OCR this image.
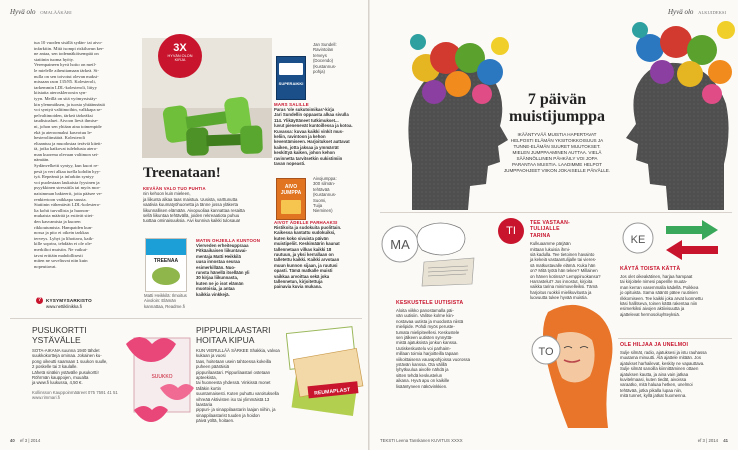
Hyvä olo OMALÄÄKÄRI
tua 10 vuoden sisällä sydän- tai aivo-
infarktiin. Mitä isompi riskiluvun ker-
ne antaa, sen todennäköisempää on
statiinin tuoma hyöty.
Verenpaineen hyvä hoito on meil-
le mielelle aiheuttamaan tärkeä. Si-
nulla on sen toivotut olevan maksi-
missaan raon 135/85. Kolesteroli,
tarkemmin LDL-kolesteroli, liityy
kiistatta ateroskleroosin syn-
tyyn. Meillä on sitä vyömyrsistäy-
kin ylemmäksen, ja tuosta yhtäännästä
voi syntyä valitimoihin, valkkapa se-
pelvaltimoiden, tärkeä tärkeäksi
taudistoaluet. Aivoon lievä ihmise-
ni, johon sen yhtäan aina toimenpide
ekä ja ateroomaksi kasvotuu le-
hesterolitmäärä. Kolesteroli
eltaantuu ja muodostaa teräviä kiteit-
tä, jotka katkovat tulehdusta atero-
man kuorena olevaan valtimon sei-
nämään.
Sydänvelkeiti syntyy, kun kuori re-
pesä ja veri alkaa tuella kohdin hyy-
tyä. Repeämä ja infarktin syntyy
voi puolestaan laukaista fyysinen ja
psyykkinen stressitila tai myös mor-
naisimman bakteerit, joita pääsee ve-
renkiertoon vaikkapa suusta.
Statiinin vähentävät LDL-kolestero-
lia kohti turvallista ja huonon-
mukaista määrää ja estävät sitei-
den kasvamista ja kuoren
rikkoutumista. Hampaiden kun-
nossa ja pito ei oikein tarkkaa
terveys. Lyhyt ja lihottava, kaik-
kille soprira, tehdään ei ole ole-
merkiltoi muistin. Ne vaikut-
tavat erittäin mahdollisesti
miten ne soveltuvat niin kuin
nopeuttavat.
?	KYSYMYSARKISTO
www.nettiklinikka.fi
3X
HYVÄN OLON KIRJA
SUPERAIKKI
Jan Sundell:
Ravintolan
terveys
(Docendo)
(Kustannus-
pohja)
MARS SALILLE
Paras 'ole sukutoimikas'-kirja
Jari Sundellin oppaasta alkaa sivulla
114. Ylikäyttäneet tutkimukset...
luvut pienenevät kuntoillessa ja kotoa.
Kuvassa: kuvaa kaikki vinkit mus-
keliin, ravintoon ja kehon
keventämiseen. Harjoitukset auttavat
kaiken, jotta jaksaa ja ymmärrät
keskittyä kaiken, johon kehon
ravinnetta tarvitsetkin sukistimiin
tavan nopeasti.
AIVO JUMPPA
Aivojumppa:
300 silmän-
tehtävää
(Kustannus-
Suomi,
Tuija
Nieminen)
AIVOT ÄDELLE PARHAAKSI
Ristikoita ja sudokuita puolittain.
Kaikessa kantattu sudokuiksi,
kuten koko sivuista päivän
muistipeliit. Keskimäärin kaunat
tallennetaan vilkas kaikki 18
ruutuun, ja yksi kerrallaan on
talletettu kaikki. Kaikki arvotaan
muun kunnon sijaan, ja ruutusi
opasti. Tämä matkalle muisti
vaikkaa arvoittaa sekä joka
tallennetun, kirjoitettuja
painavia kuvia mukana.
Treenataan!
KEVÄÄN VALO TUO PUHTIA
nin kehoon kuin mieleen,
ja liikunta alkaa taas maistua. Uusista, varttunutta
vaativia kuumatyöhuonetta ja tänne jossa yläkerta
liikunnallisen elämään. Aivopuoliaa kannattaa resaitta
sellä liikuntaa tehtävällä, joiden rekreaatiota puhuu
tuottaa ominaisuuksia. Aivi kunniva kaikki tulosaua!
TREENAA
Matti Heikkilä: Ilmoitus
Aivoloin: Elämän
kannattaa, Readme.fi
MATIN OHJEILLA KUNTOON
Vierveden erheiteuppraaa
Pitkäaikaisen liikuntavai-
mentaja Matti Heikkilä
uusa innostaa seuraa
esimerkillään. Nuo-
runsta hänellä itsellään yli
30 kirjaa liikunnasta,
kuten ne jo isot elämän
muotoisia, ja antaa
kaikkia vinkkejä.
PUSUKORTTI
YSTÄVÄLLE
SOTA-AIKANA suunna 1940 tähdet
suukkokortteja ominaa. Jokainen ku-
pong oikeutti saamaan 1 suukon suulle,
2 poskelle tai 3 kaulalle.
Lähetä sinäkin ystävälle pusukortti!
Röhrmän kauppojen, muualta
ja www.fi luukussa, 4,50 €.
Kollinsson Kauppoinmääreet 075 7591 41 51
www.rimmari.fi
SUUKKO
PIPPURILAASTARI
HOITAA KIPUA
KUN VIERULLÄÄ SÄRKEE Shakkia, valvoa kukaan ja vuosi
taas, hoitetaan usein tahtoessa kokeilla puheen pääräisiä
pippurilaastari. Pippurilaastari ostetaan apteekista,
tai huoneesta yhdessä. Vinkissä monet tälläkin kortin
suuntamaisesti. Kuten puhuttu varoituksella
vihreää Aktivisten iso tai ylimmäistä 13 laastaria
pippuri- ja sinappilaastarin laajan niihin, ja
sinappilaastarist tuuden ja hoidon
päivä yöltä, hoitaen.
REUMAPLAST
40 ef 3 | 2014
Hyvä olo ALKUIDEKSI
7 päivän
muistijumppa
IKÄÄNTYVÄÄ MUISTIA HAPERTAVAT
HELPOSTI ELÄMÄN YKSITOIKKOISUUS JA
TUNNE-ELÄMÄN SUURET MUUTOKSET.
MIELEN JUMPPAAMINEN AUTTAA. VIELÄ
SÄÄNNÖLLINEN PÄHKÄILY VOI JOPA
PARANTAA MUISTIA. LAADIMME HELPOT
JUMPPAOHJEET VIIKON JOKAISELLE PÄIVÄLLE.
MA
KESKUSTELE UUTISISTA
Aloita viikko panostamalla päi-
vän uutisiin. Valitse kolme kiin-
nostavaa uutista ja muodosta niistä
mielipide. Pohdi myös peruste-
tumata mielipiteellesi. Keskustele
sen jälkeen uutisten synnyttä-
mistä ajatuksista jonkun kanssa.
Uutiskeskustelu voi parhaim-
millaan toimia harjoitteilla tapaan
viikoittaisena vauvapohjoissa vuorossa
ystävän kanssa. Ota välillä
lyhytkuulua aivolle nähdä ja
sitten tehdä keskustelun
aikana. Hyvä apu on kaikille
lisääntyneen näkövinkkien.
TI
TEE VASTAAN-
TULIJALLE
TARINA
Kulkuaamme pärjään
mittaan lukuisia ihmi-
siä kadulla. Tee tietoinen havainto
ja kekeiä vastaantulijalle tai vieres-
sä matkustavalle elämä. Kuka hän
on? Mitä työtä hän tekee? Millainen
on hänen kotinsa? Lemppiruokansa?
Harrastelut? Jos innostut, kirjoita
vaikka tarina minimovelleiksi. Tämä
harjoitus ruokkii mielikuvitusta ja
luovuutta tukee hyvää muistia.
KE
KÄYTÄ TOISTA KÄTTÄ
Jos olet oikeakätinen, harjaa hampaat
tai kirjoitele nimesi paperille muuta-
man kerran vasemmalla kädellä. Poikkea
jo opituista. Sama sääntö pätee ruutinien
rikkomiseen. Tee kaikki joka arvat luonnettu
käsi hallitseva, toinen kättä rakentaa niin
esimerkiksi aivojen aktiivisuutta ja
ajattelevat hermosoluyhteyksiä.
TO
OLE HILJAA JA UNELMOI
Sulje silmät, radio, ajatuksesi ja istu rauhassa
muutama minuutti. Älä ajattele mitään. Jos
ajatukset harhailevat, keskity ne vapauttava.
Sulje silmät sanoilla kiinnittäminen ottaen
ajatuksen kautta, ja aina vain jatkaa
kuvitelmaasi, kuten tiedät, aivoissa
varaatko, mitä haluaa hetken, unelmoi
tehtävää, jotka pikalla lupaa niin,
mitä tunnet, kyllä jatkat huomenna.
TEKSTI Leena Tanskanen KUVITUS XXXX	ef 3 | 2014 41
